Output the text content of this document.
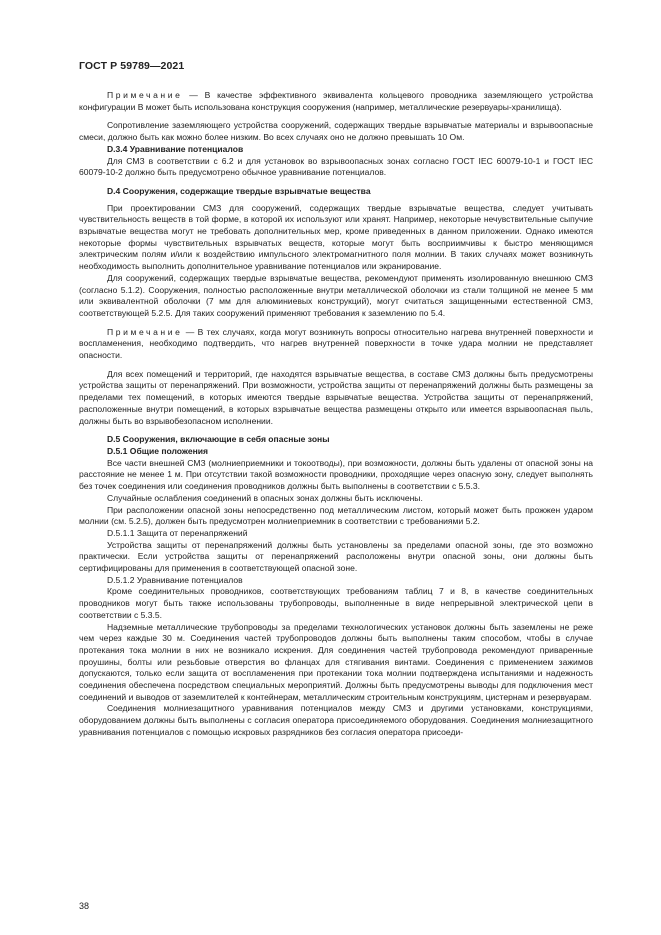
ГОСТ Р 59789—2021

Примечание — В качестве эффективного эквивалента кольцевого проводника заземляющего устройства конфигурации B может быть использована конструкция сооружения (например, металлические резервуары-хранилища).

Сопротивление заземляющего устройства сооружений, содержащих твердые взрывчатые материалы и взрывоопасные смеси, должно быть как можно более низким. Во всех случаях оно не должно превышать 10 Ом.

D.3.4 Уравнивание потенциалов

Для СМЗ в соответствии с 6.2 и для установок во взрывоопасных зонах согласно ГОСТ IEC 60079-10-1 и ГОСТ IEC 60079-10-2 должно быть предусмотрено обычное уравнивание потенциалов.

D.4 Сооружения, содержащие твердые взрывчатые вещества

При проектировании СМЗ для сооружений, содержащих твердые взрывчатые вещества, следует учитывать чувствительность веществ в той форме, в которой их используют или хранят. Например, некоторые нечувствительные сыпучие взрывчатые вещества могут не требовать дополнительных мер, кроме приведенных в данном приложении. Однако имеются некоторые формы чувствительных взрывчатых веществ, которые могут быть восприимчивы к быстро меняющимся электрическим полям и/или к воздействию импульсного электромагнитного поля молнии. В таких случаях может возникнуть необходимость выполнить дополнительное уравнивание потенциалов или экранирование.

Для сооружений, содержащих твердые взрывчатые вещества, рекомендуют применять изолированную внешнюю СМЗ (согласно 5.1.2). Сооружения, полностью расположенные внутри металлической оболочки из стали толщиной не менее 5 мм или эквивалентной оболочки (7 мм для алюминиевых конструкций), могут считаться защищенными естественной СМЗ, соответствующей 5.2.5. Для таких сооружений применяют требования к заземлению по 5.4.

Примечание — В тех случаях, когда могут возникнуть вопросы относительно нагрева внутренней поверхности и воспламенения, необходимо подтвердить, что нагрев внутренней поверхности в точке удара молнии не представляет опасности.

Для всех помещений и территорий, где находятся взрывчатые вещества, в составе СМЗ должны быть предусмотрены устройства защиты от перенапряжений. При возможности, устройства защиты от перенапряжений должны быть размещены за пределами тех помещений, в которых имеются твердые взрывчатые вещества. Устройства защиты от перенапряжений, расположенные внутри помещений, в которых взрывчатые вещества размещены открыто или имеется взрывоопасная пыль, должны быть во взрывобезопасном исполнении.

D.5 Сооружения, включающие в себя опасные зоны
D.5.1 Общие положения

Все части внешней СМЗ (молниеприемники и токоотводы), при возможности, должны быть удалены от опасной зоны на расстояние не менее 1 м. При отсутствии такой возможности проводники, проходящие через опасную зону, следует выполнять без точек соединения или соединения проводников должны быть выполнены в соответствии с 5.5.3.

Случайные ослабления соединений в опасных зонах должны быть исключены.

При расположении опасной зоны непосредственно под металлическим листом, который может быть прожжен ударом молнии (см. 5.2.5), должен быть предусмотрен молниеприемник в соответствии с требованиями 5.2.

D.5.1.1 Защита от перенапряжений

Устройства защиты от перенапряжений должны быть установлены за пределами опасной зоны, где это возможно практически. Если устройства защиты от перенапряжений расположены внутри опасной зоны, они должны быть сертифицированы для применения в соответствующей опасной зоне.

D.5.1.2 Уравнивание потенциалов

Кроме соединительных проводников, соответствующих требованиям таблиц 7 и 8, в качестве соединительных проводников могут быть также использованы трубопроводы, выполненные в виде непрерывной электрической цепи в соответствии с 5.3.5.

Надземные металлические трубопроводы за пределами технологических установок должны быть заземлены не реже чем через каждые 30 м. Соединения частей трубопроводов должны быть выполнены таким способом, чтобы в случае протекания тока молнии в них не возникало искрения. Для соединения частей трубопровода рекомендуют приваренные проушины, болты или резьбовые отверстия во фланцах для стягивания винтами. Соединения с применением зажимов допускаются, только если защита от воспламенения при протекании тока молнии подтверждена испытаниями и надежность соединения обеспечена посредством специальных мероприятий. Должны быть предусмотрены выводы для подключения мест соединений и выводов от заземлителей к контейнерам, металлическим строительным конструкциям, цистернам и резервуарам.

Соединения молниезащитного уравнивания потенциалов между СМЗ и другими установками, конструкциями, оборудованием должны быть выполнены с согласия оператора присоединяемого оборудования. Соединения молниезащитного уравнивания потенциалов с помощью искровых разрядников без согласия оператора присоеди-

38
